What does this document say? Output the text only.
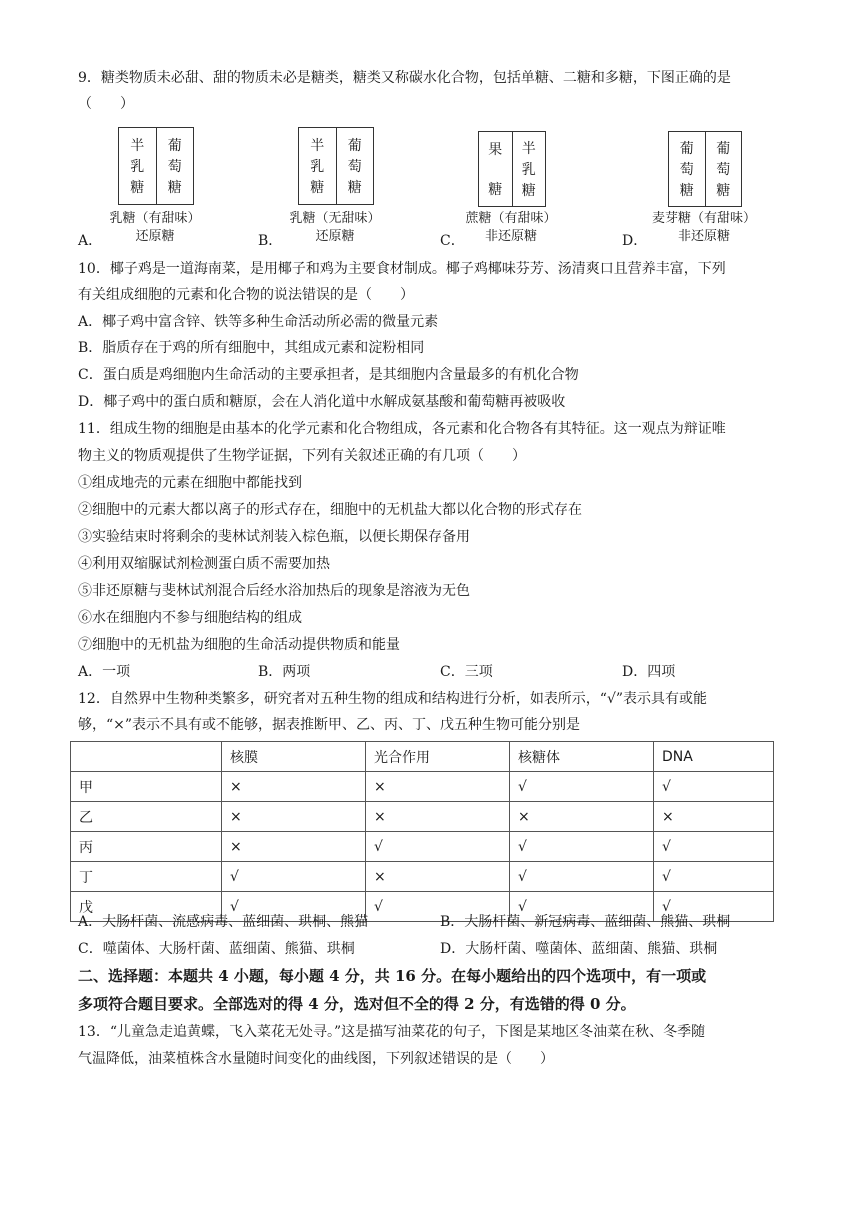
9．糖类物质未必甜、甜的物质未必是糖类，糖类又称碳水化合物，包括单糖、二糖和多糖，下图正确的是
（　　）
半
乳
糖
葡
萄
糖
乳糖（有甜味）
还原糖
A．
半
乳
糖
葡
萄
糖
乳糖（无甜味）
还原糖
B．
果
糖
半
乳
糖
蔗糖（有甜味）
非还原糖
C．
葡
萄
糖
葡
萄
糖
麦芽糖（有甜味）
非还原糖
D．
10．椰子鸡是一道海南菜，是用椰子和鸡为主要食材制成。椰子鸡椰味芬芳、汤清爽口且营养丰富，下列
有关组成细胞的元素和化合物的说法错误的是（　　）
A．椰子鸡中富含锌、铁等多种生命活动所必需的微量元素
B．脂质存在于鸡的所有细胞中，其组成元素和淀粉相同
C．蛋白质是鸡细胞内生命活动的主要承担者，是其细胞内含量最多的有机化合物
D．椰子鸡中的蛋白质和糖原，会在人消化道中水解成氨基酸和葡萄糖再被吸收
11．组成生物的细胞是由基本的化学元素和化合物组成，各元素和化合物各有其特征。这一观点为辩证唯
物主义的物质观提供了生物学证据，下列有关叙述正确的有几项（　　）
①组成地壳的元素在细胞中都能找到
②细胞中的元素大都以离子的形式存在，细胞中的无机盐大都以化合物的形式存在
③实验结束时将剩余的斐林试剂装入棕色瓶，以便长期保存备用
④利用双缩脲试剂检测蛋白质不需要加热
⑤非还原糖与斐林试剂混合后经水浴加热后的现象是溶液为无色
⑥水在细胞内不参与细胞结构的组成
⑦细胞中的无机盐为细胞的生命活动提供物质和能量
A．一项	B．两项	C．三项	D．四项
12．自然界中生物种类繁多，研究者对五种生物的组成和结构进行分析，如表所示，“√”表示具有或能
够，“×”表示不具有或不能够，据表推断甲、乙、丙、丁、戊五种生物可能分别是
	核膜	光合作用	核糖体	DNA
甲	×	×	√	√
乙	×	×	×	×
丙	×	√	√	√
丁	√	×	√	√
戊	√	√	√	√
A．大肠杆菌、流感病毒、蓝细菌、珙桐、熊猫	B．大肠杆菌、新冠病毒、蓝细菌、熊猫、珙桐
C．噬菌体、大肠杆菌、蓝细菌、熊猫、珙桐	D．大肠杆菌、噬菌体、蓝细菌、熊猫、珙桐
二、选择题：本题共 4 小题，每小题 4 分，共 16 分。在每小题给出的四个选项中，有一项或
多项符合题目要求。全部选对的得 4 分，选对但不全的得 2 分，有选错的得 0 分。
13．“儿童急走追黄蝶，飞入菜花无处寻。”这是描写油菜花的句子，下图是某地区冬油菜在秋、冬季随
气温降低，油菜植株含水量随时间变化的曲线图，下列叙述错误的是（　　）
